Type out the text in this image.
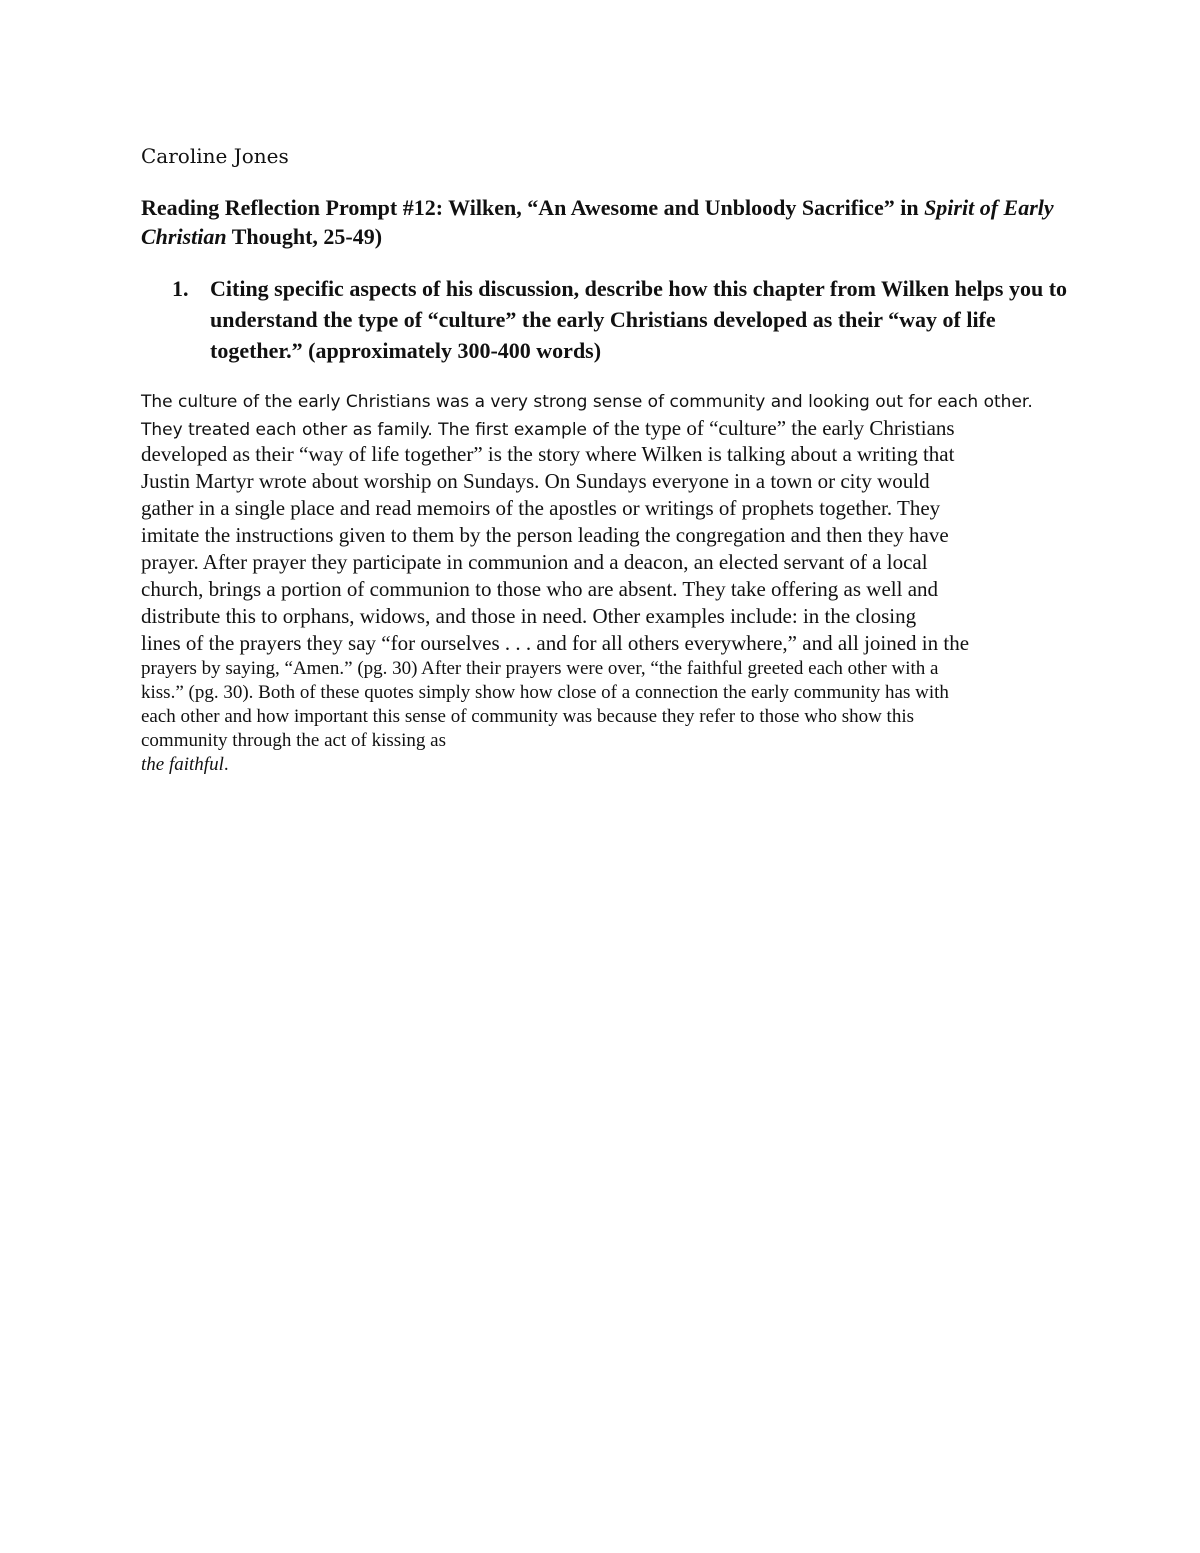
Caroline Jones
Reading Reflection Prompt #12: Wilken, “An Awesome and Unbloody Sacrifice” in Spirit of Early Christian Thought, 25-49)
1. Citing specific aspects of his discussion, describe how this chapter from Wilken helps you to understand the type of “culture” the early Christians developed as their “way of life together.” (approximately 300-400 words)
The culture of the early Christians was a very strong sense of community and looking out for each other.
They treated each other as family. The first example of the type of “culture” the early Christians
developed as their “way of life together” is the story where Wilken is talking about a writing that
Justin Martyr wrote about worship on Sundays. On Sundays everyone in a town or city would
gather in a single place and read memoirs of the apostles or writings of prophets together. They
imitate the instructions given to them by the person leading the congregation and then they have
prayer. After prayer they participate in communion and a deacon, an elected servant of a local
church, brings a portion of communion to those who are absent. They take offering as well and
distribute this to orphans, widows, and those in need. Other examples include: in the closing
lines of the prayers they say “for ourselves . . . and for all others everywhere,” and all joined in the
prayers by saying, “Amen.” (pg. 30) After their prayers were over, “the faithful greeted each other with a
kiss.” (pg. 30). Both of these quotes simply show how close of a connection the early community has with
each other and how important this sense of community was because they refer to those who show this
community through the act of kissing as
the faithful.
